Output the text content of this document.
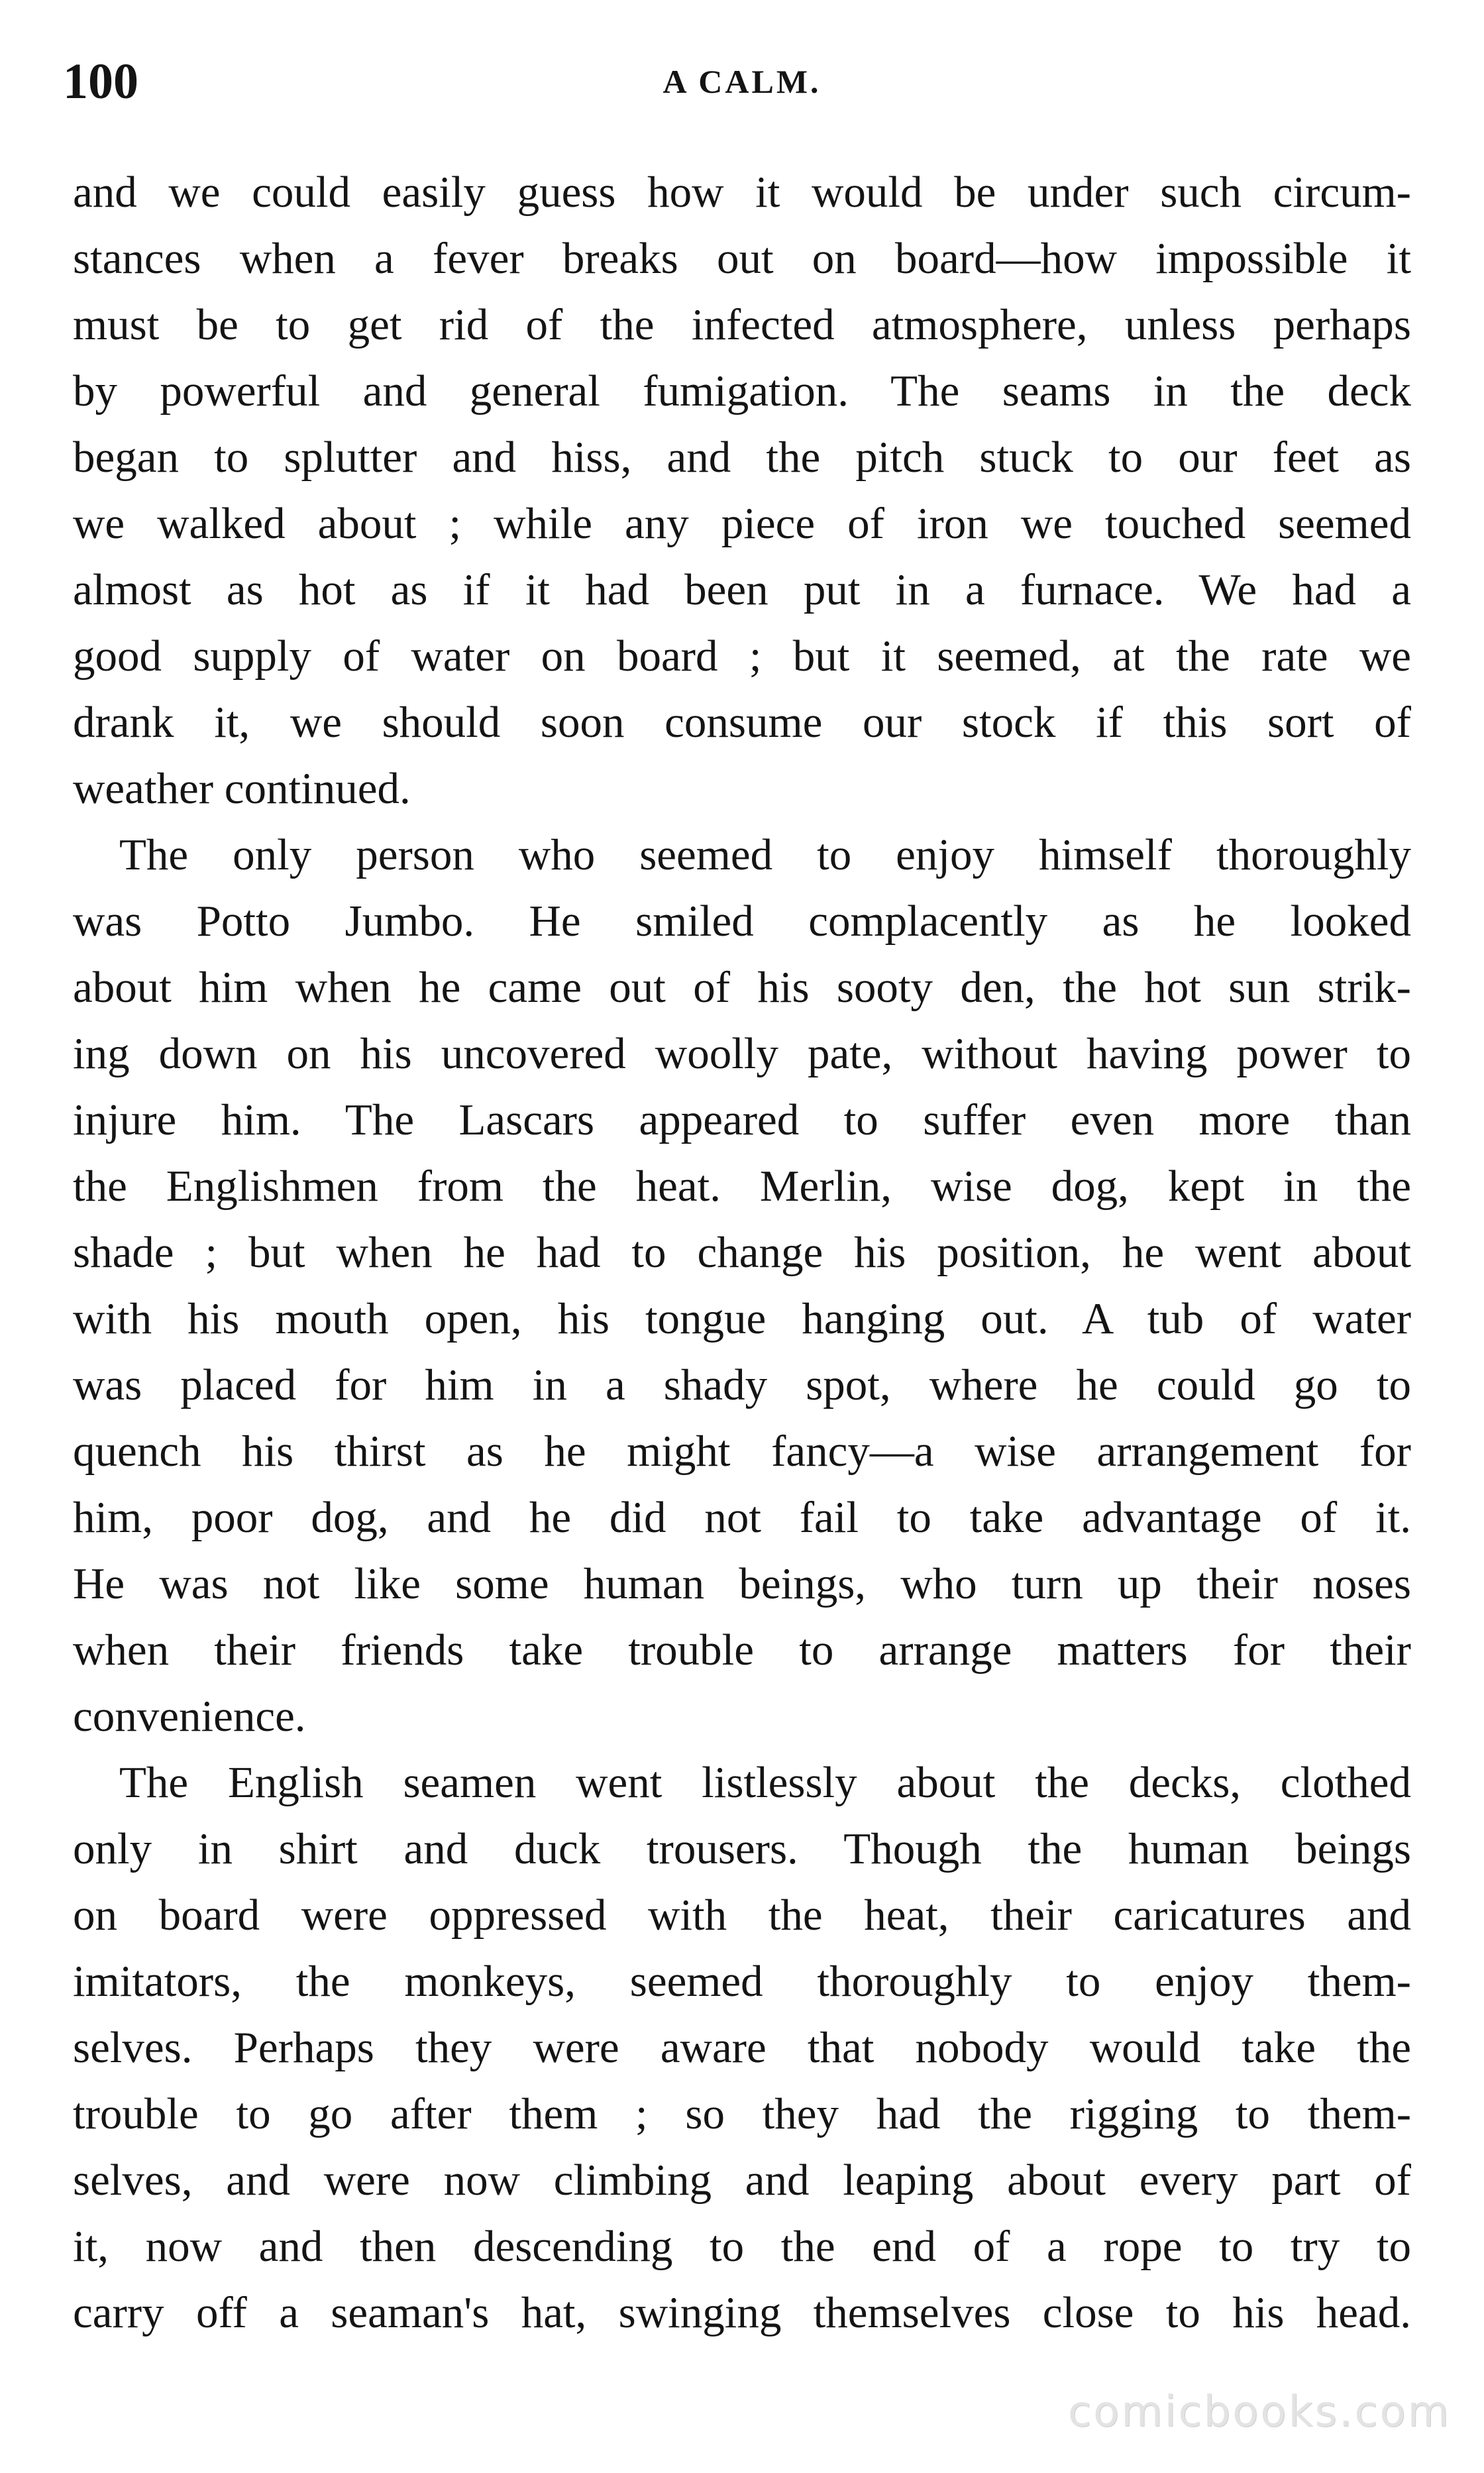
100	A CALM.
and we could easily guess how it would be under such circum-
stances when a fever breaks out on board—how impossible it
must be to get rid of the infected atmosphere, unless perhaps
by powerful and general fumigation. The seams in the deck
began to splutter and hiss, and the pitch stuck to our feet as
we walked about ; while any piece of iron we touched seemed
almost as hot as if it had been put in a furnace. We had a
good supply of water on board ; but it seemed, at the rate we
drank it, we should soon consume our stock if this sort of
weather continued.
The only person who seemed to enjoy himself thoroughly
was Potto Jumbo. He smiled complacently as he looked
about him when he came out of his sooty den, the hot sun strik-
ing down on his uncovered woolly pate, without having power to
injure him. The Lascars appeared to suffer even more than
the Englishmen from the heat. Merlin, wise dog, kept in the
shade ; but when he had to change his position, he went about
with his mouth open, his tongue hanging out. A tub of water
was placed for him in a shady spot, where he could go to
quench his thirst as he might fancy—a wise arrangement for
him, poor dog, and he did not fail to take advantage of it.
He was not like some human beings, who turn up their noses
when their friends take trouble to arrange matters for their
convenience.
The English seamen went listlessly about the decks, clothed
only in shirt and duck trousers. Though the human beings
on board were oppressed with the heat, their caricatures and
imitators, the monkeys, seemed thoroughly to enjoy them-
selves. Perhaps they were aware that nobody would take the
trouble to go after them ; so they had the rigging to them-
selves, and were now climbing and leaping about every part of
it, now and then descending to the end of a rope to try to
carry off a seaman's hat, swinging themselves close to his head.
comicbooks.com
